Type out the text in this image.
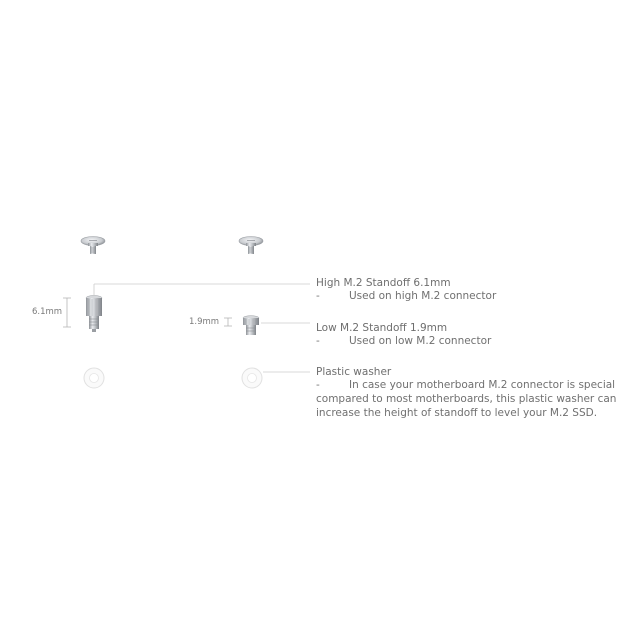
6.1mm
1.9mm
High M.2 Standoff 6.1mm
-	Used on high M.2 connector
Low M.2 Standoff 1.9mm
-	Used on low M.2 connector
Plastic washer
-	In case your motherboard M.2 connector is special
compared to most motherboards, this plastic washer can
increase the height of standoff to level your M.2 SSD.
